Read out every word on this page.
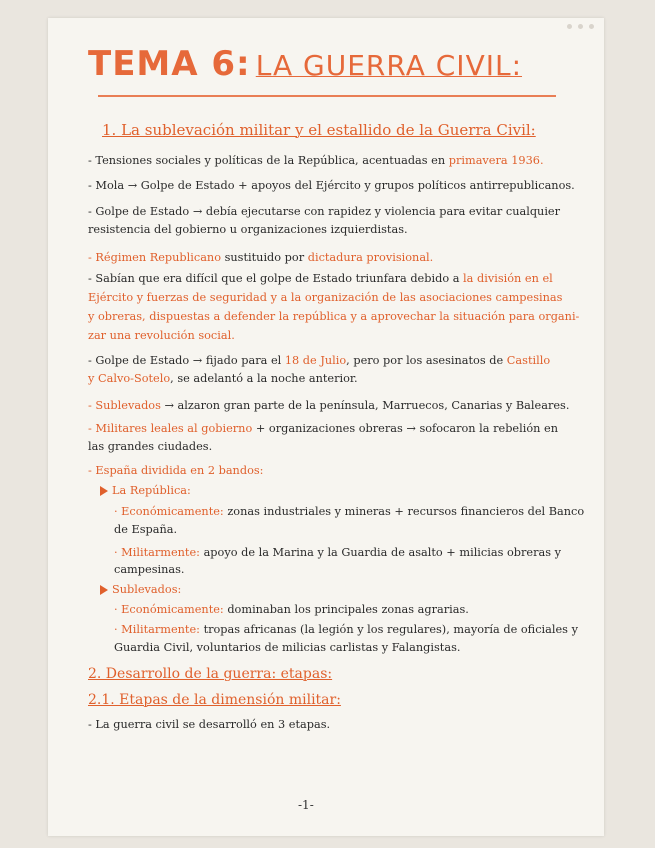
TEMA 6: LA GUERRA CIVIL:
1. La sublevación militar y el estallido de la Guerra Civil:
- Tensiones sociales y políticas de la República, acentuadas en primavera 1936.
- Mola → Golpe de Estado + apoyos del Ejército y grupos políticos antirrepublicanos.
- Golpe de Estado → debía ejecutarse con rapidez y violencia para evitar cualquier
resistencia del gobierno u organizaciones izquierdistas.
- Régimen Republicano sustituido por dictadura provisional.
- Sabían que era difícil que el golpe de Estado triunfara debido a la división en el
Ejército y fuerzas de seguridad y a la organización de las asociaciones campesinas
y obreras, dispuestas a defender la república y a aprovechar la situación para organi-
zar una revolución social.
- Golpe de Estado → fijado para el 18 de Julio, pero por los asesinatos de Castillo
y Calvo-Sotelo, se adelantó a la noche anterior.
- Sublevados → alzaron gran parte de la península, Marruecos, Canarias y Baleares.
- Militares leales al gobierno + organizaciones obreras → sofocaron la rebelión en
las grandes ciudades.
- España dividida en 2 bandos:
La República:
· Económicamente: zonas industriales y mineras + recursos financieros del Banco
de España.
· Militarmente: apoyo de la Marina y la Guardia de asalto + milicias obreras y
campesinas.
Sublevados:
· Económicamente: dominaban los principales zonas agrarias.
· Militarmente: tropas africanas (la legión y los regulares), mayoría de oficiales y
Guardia Civil, voluntarios de milicias carlistas y Falangistas.
2. Desarrollo de la guerra: etapas:
2.1. Etapas de la dimensión militar:
- La guerra civil se desarrolló en 3 etapas.
-1-
